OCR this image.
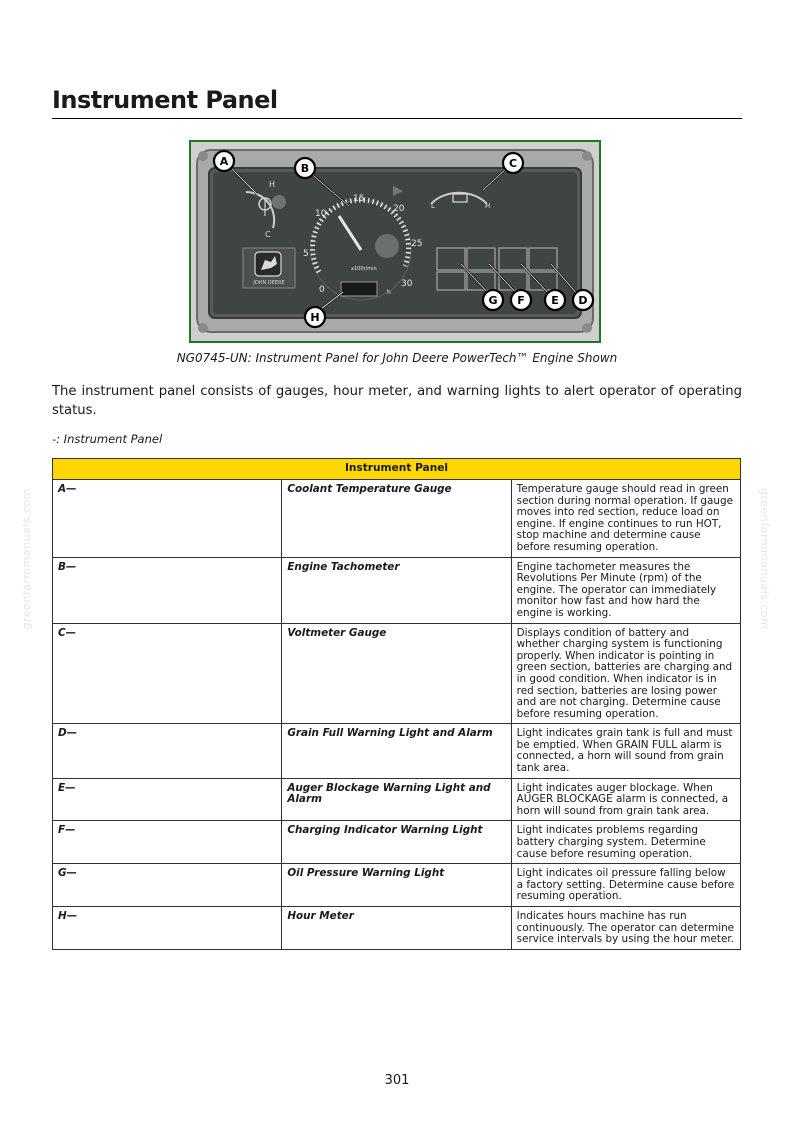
greenfarmmanuals.com	greenfarmmanuals.com
Instrument Panel
H
C
JOHN DEERE
0
5
10
15
20
25
30
x100r/min
h
L	H
A
B	C
D
E
F
G
H
NG0745-UN: Instrument Panel for John Deere PowerTech™ Engine Shown
The instrument panel consists of gauges, hour meter, and warning lights to alert operator of operating status.
-: Instrument Panel
Instrument Panel		
A—	Coolant Temperature Gauge	Temperature gauge should read in green section during normal operation. If gauge moves into red section, reduce load on engine. If engine continues to run HOT, stop machine and determine cause before resuming operation.
B—	Engine Tachometer	Engine tachometer measures the Revolutions Per Minute (rpm) of the engine. The operator can immediately monitor how fast and how hard the engine is working.
C—	Voltmeter Gauge	Displays condition of battery and whether charging system is functioning properly. When indicator is pointing in green section, batteries are charging and in good condition. When indicator is in red section, batteries are losing power and are not charging. Determine cause before resuming operation.
D—	Grain Full Warning Light and Alarm	Light indicates grain tank is full and must be emptied. When GRAIN FULL alarm is connected, a horn will sound from grain tank area.
E—	Auger Blockage Warning Light and Alarm	Light indicates auger blockage. When AUGER BLOCKAGE alarm is connected, a horn will sound from grain tank area.
F—	Charging Indicator Warning Light	Light indicates problems regarding battery charging system. Determine cause before resuming operation.
G—	Oil Pressure Warning Light	Light indicates oil pressure falling below a factory setting. Determine cause before resuming operation.
H—	Hour Meter	Indicates hours machine has run continuously. The operator can determine service intervals by using the hour meter.
301
